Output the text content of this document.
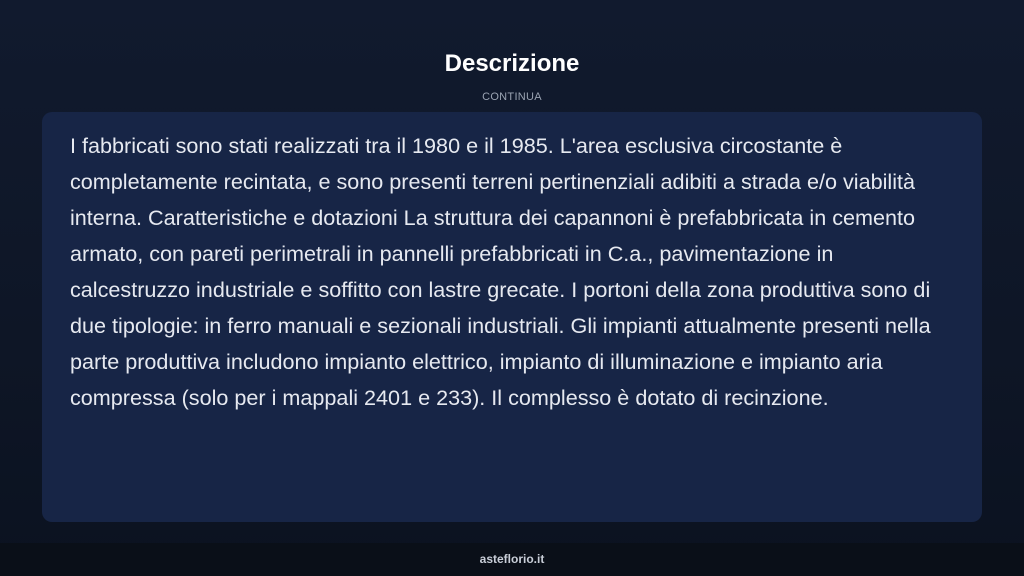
Descrizione
CONTINUA

I fabbricati sono stati realizzati tra il 1980 e il 1985. L'area esclusiva circostante è completamente recintata, e sono presenti terreni pertinenziali adibiti a strada e/o viabilità interna. Caratteristiche e dotazioni La struttura dei capannoni è prefabbricata in cemento armato, con pareti perimetrali in pannelli prefabbricati in C.a., pavimentazione in calcestruzzo industriale e soffitto con lastre grecate. I portoni della zona produttiva sono di due tipologie: in ferro manuali e sezionali industriali. Gli impianti attualmente presenti nella parte produttiva includono impianto elettrico, impianto di illuminazione e impianto aria compressa (solo per i mappali 2401 e 233). Il complesso è dotato di recinzione.

asteflorio.it
